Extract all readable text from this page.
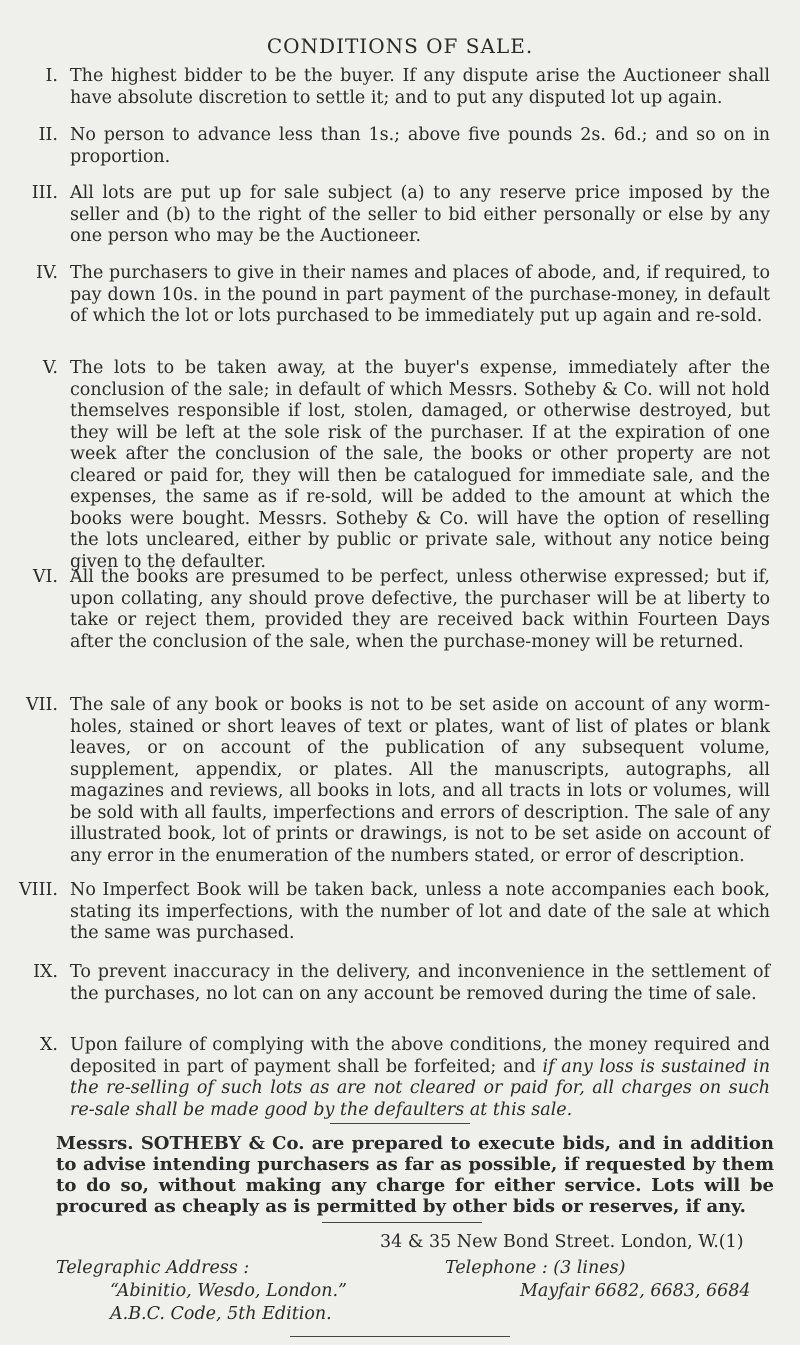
CONDITIONS OF SALE.
I. The highest bidder to be the buyer. If any dispute arise the Auctioneer shall have absolute discretion to settle it; and to put any disputed lot up again.
II. No person to advance less than 1s.; above five pounds 2s. 6d.; and so on in proportion.
III. All lots are put up for sale subject (a) to any reserve price imposed by the seller and (b) to the right of the seller to bid either personally or else by any one person who may be the Auctioneer.
IV. The purchasers to give in their names and places of abode, and, if required, to pay down 10s. in the pound in part payment of the purchase-money, in default of which the lot or lots purchased to be immediately put up again and re-sold.
V. The lots to be taken away, at the buyer's expense, immediately after the conclusion of the sale; in default of which Messrs. Sotheby & Co. will not hold themselves responsible if lost, stolen, damaged, or otherwise destroyed, but they will be left at the sole risk of the purchaser. If at the expiration of one week after the conclusion of the sale, the books or other property are not cleared or paid for, they will then be catalogued for immediate sale, and the expenses, the same as if re-sold, will be added to the amount at which the books were bought. Messrs. Sotheby & Co. will have the option of reselling the lots uncleared, either by public or private sale, without any notice being given to the defaulter.
VI. All the books are presumed to be perfect, unless otherwise expressed; but if, upon collating, any should prove defective, the purchaser will be at liberty to take or reject them, provided they are received back within Fourteen Days after the conclusion of the sale, when the purchase-money will be returned.
VII. The sale of any book or books is not to be set aside on account of any worm-holes, stained or short leaves of text or plates, want of list of plates or blank leaves, or on account of the publication of any subsequent volume, supplement, appendix, or plates. All the manuscripts, autographs, all magazines and reviews, all books in lots, and all tracts in lots or volumes, will be sold with all faults, imperfections and errors of description. The sale of any illustrated book, lot of prints or drawings, is not to be set aside on account of any error in the enumeration of the numbers stated, or error of description.
VIII. No Imperfect Book will be taken back, unless a note accompanies each book, stating its imperfections, with the number of lot and date of the sale at which the same was purchased.
IX. To prevent inaccuracy in the delivery, and inconvenience in the settlement of the purchases, no lot can on any account be removed during the time of sale.
X. Upon failure of complying with the above conditions, the money required and deposited in part of payment shall be forfeited; and if any loss is sustained in the re-selling of such lots as are not cleared or paid for, all charges on such re-sale shall be made good by the defaulters at this sale.
Messrs. SOTHEBY & Co. are prepared to execute bids, and in addition to advise intending purchasers as far as possible, if requested by them to do so, without making any charge for either service. Lots will be procured as cheaply as is permitted by other bids or reserves, if any.
34 & 35 New Bond Street. London, W.(1)
Telegraphic Address :	Telephone : (3 lines)
“Abinitio, Wesdo, London.”	Mayfair 6682, 6683, 6684
A.B.C. Code, 5th Edition.
